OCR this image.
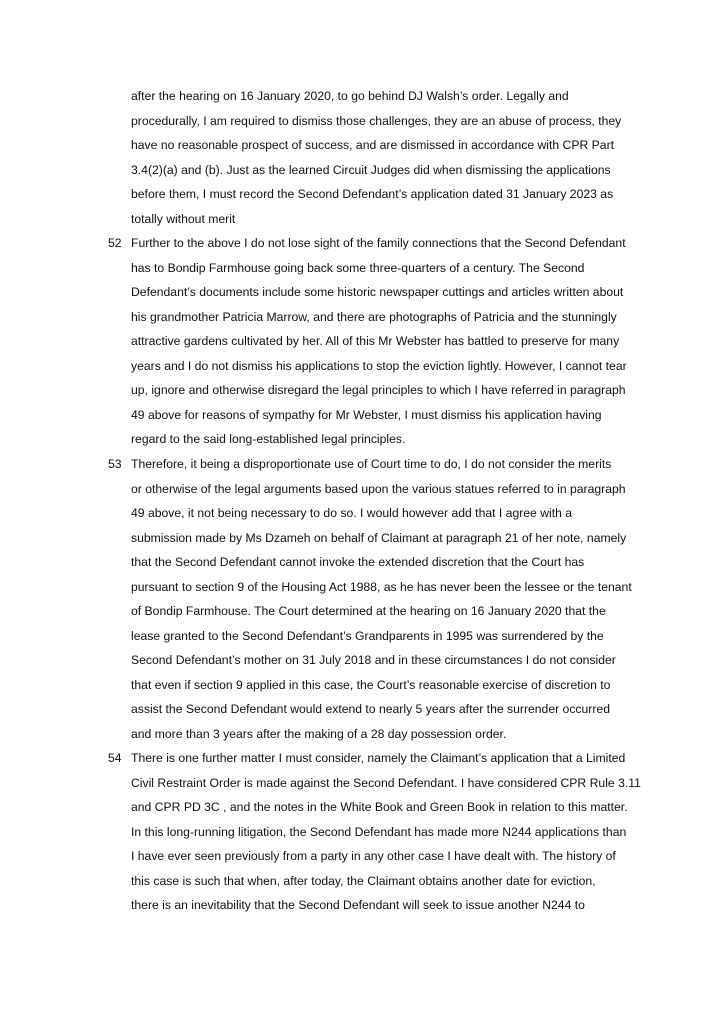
after the hearing on 16 January 2020, to go behind DJ Walsh’s order. Legally and
procedurally, I am required to dismiss those challenges, they are an abuse of process, they
have no reasonable prospect of success, and are dismissed in accordance with CPR Part
3.4(2)(a) and (b). Just as the learned Circuit Judges did when dismissing the applications
before them, I must record the Second Defendant’s application dated 31 January 2023 as
totally without merit
52 Further to the above I do not lose sight of the family connections that the Second Defendant
has to Bondip Farmhouse going back some three-quarters of a century. The Second
Defendant’s documents include some historic newspaper cuttings and articles written about
his grandmother Patricia Marrow, and there are photographs of Patricia and the stunningly
attractive gardens cultivated by her. All of this Mr Webster has battled to preserve for many
years and I do not dismiss his applications to stop the eviction lightly. However, I cannot tear
up, ignore and otherwise disregard the legal principles to which I have referred in paragraph
49 above for reasons of sympathy for Mr Webster, I must dismiss his application having
regard to the said long-established legal principles.
53 Therefore, it being a disproportionate use of Court time to do, I do not consider the merits
or otherwise of the legal arguments based upon the various statues referred to in paragraph
49 above, it not being necessary to do so. I would however add that I agree with a
submission made by Ms Dzameh on behalf of Claimant at paragraph 21 of her note, namely
that the Second Defendant cannot invoke the extended discretion that the Court has
pursuant to section 9 of the Housing Act 1988, as he has never been the lessee or the tenant
of Bondip Farmhouse. The Court determined at the hearing on 16 January 2020 that the
lease granted to the Second Defendant’s Grandparents in 1995 was surrendered by the
Second Defendant’s mother on 31 July 2018 and in these circumstances I do not consider
that even if section 9 applied in this case, the Court’s reasonable exercise of discretion to
assist the Second Defendant would extend to nearly 5 years after the surrender occurred
and more than 3 years after the making of a 28 day possession order.
54 There is one further matter I must consider, namely the Claimant’s application that a Limited
Civil Restraint Order is made against the Second Defendant. I have considered CPR Rule 3.11
and CPR PD 3C , and the notes in the White Book and Green Book in relation to this matter.
In this long-running litigation, the Second Defendant has made more N244 applications than
I have ever seen previously from a party in any other case I have dealt with. The history of
this case is such that when, after today, the Claimant obtains another date for eviction,
there is an inevitability that the Second Defendant will seek to issue another N244 to
